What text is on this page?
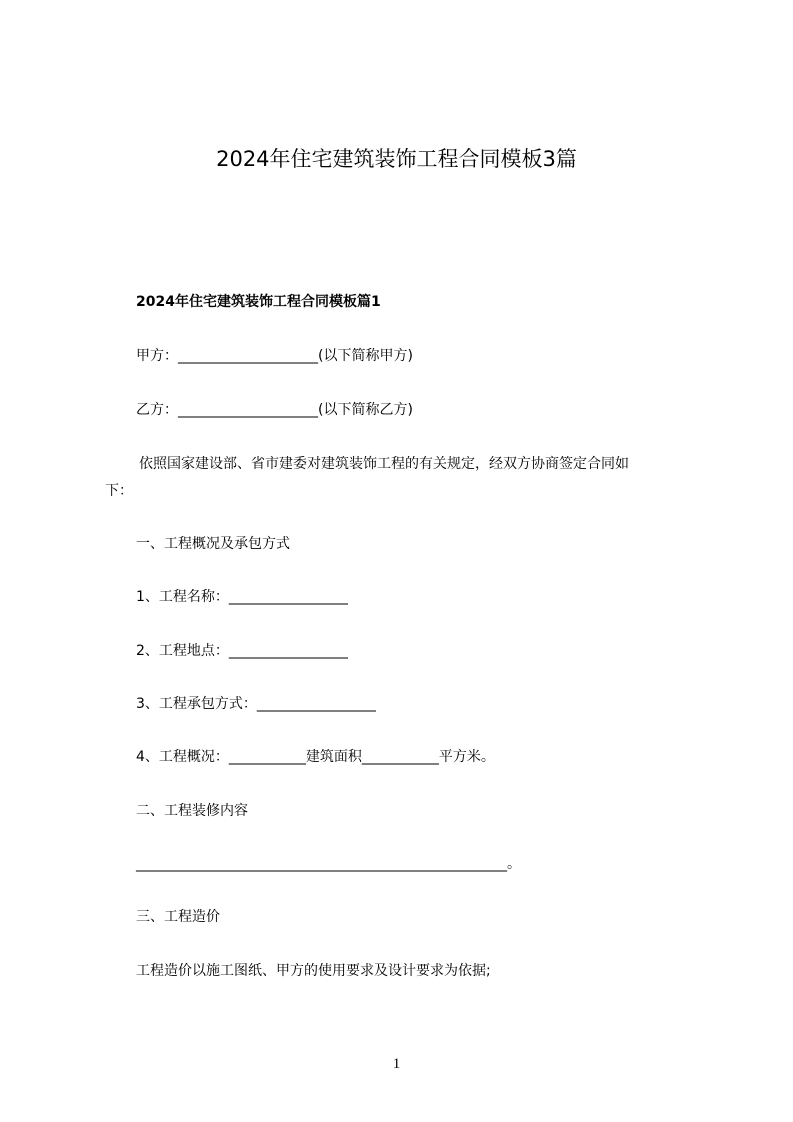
2024年住宅建筑装饰工程合同模板3篇
2024年住宅建筑装饰工程合同模板篇1
甲方：____________________(以下简称甲方)
乙方：____________________(以下简称乙方)
依照国家建设部、省市建委对建筑装饰工程的有关规定，经双方协商签定合同如
下：
一、工程概况及承包方式
1、工程名称：_________________
2、工程地点：_________________
3、工程承包方式：_________________
4、工程概况：___________建筑面积___________平方米。
二、工程装修内容
_____________________________________________________。
三、工程造价
工程造价以施工图纸、甲方的使用要求及设计要求为依据;
1
